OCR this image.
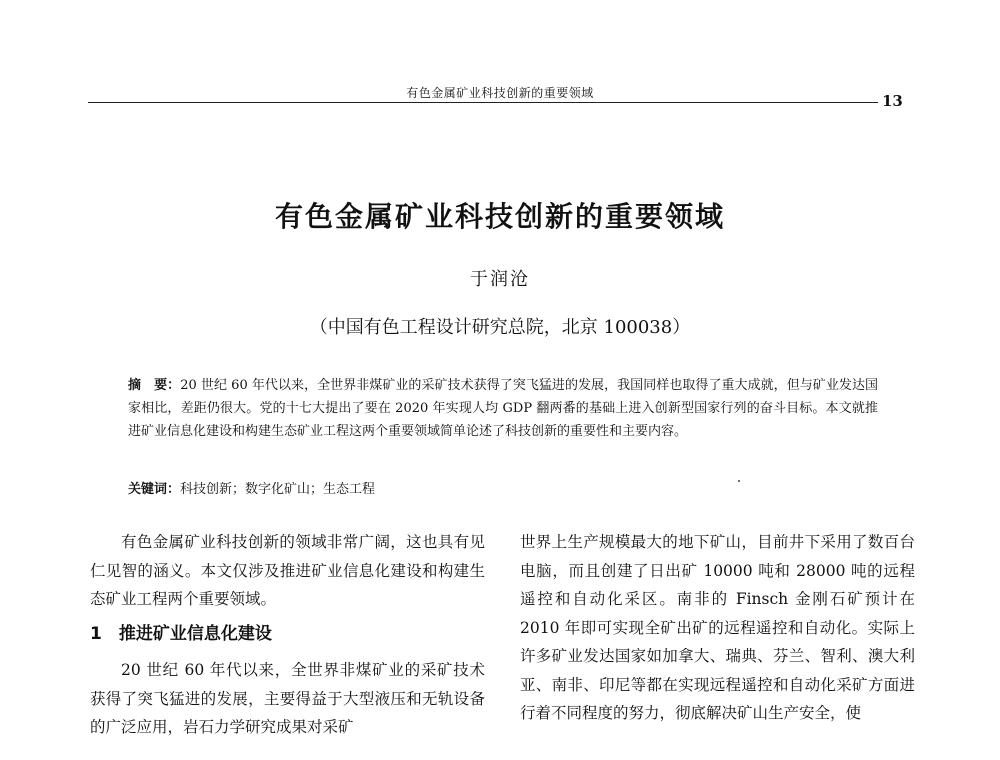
有色金属矿业科技创新的重要领域	13
有色金属矿业科技创新的重要领域
于润沧
（中国有色工程设计研究总院，北京 100038）
摘　要：20 世纪 60 年代以来，全世界非煤矿业的采矿技术获得了突飞猛进的发展，我国同样也取得了重大成就，但与矿业发达国家相比，差距仍很大。党的十七大提出了要在 2020 年实现人均 GDP 翻两番的基础上进入创新型国家行列的奋斗目标。本文就推进矿业信息化建设和构建生态矿业工程这两个重要领域简单论述了科技创新的重要性和主要内容。
关键词：科技创新；数字化矿山；生态工程

有色金属矿业科技创新的领域非常广阔，这也具有见仁见智的涵义。本文仅涉及推进矿业信息化建设和构建生态矿业工程两个重要领域。

1　推进矿业信息化建设

20 世纪 60 年代以来，全世界非煤矿业的采矿技术获得了突飞猛进的发展，主要得益于大型液压和无轨设备的广泛应用，岩石力学研究成果对采矿

世界上生产规模最大的地下矿山，目前井下采用了数百台电脑，而且创建了日出矿 10000 吨和 28000 吨的远程遥控和自动化采区。南非的 Finsch 金刚石矿预计在 2010 年即可实现全矿出矿的远程遥控和自动化。实际上许多矿业发达国家如加拿大、瑞典、芬兰、智利、澳大利亚、南非、印尼等都在实现远程遥控和自动化采矿方面进行着不同程度的努力，彻底解决矿山生产安全，使
